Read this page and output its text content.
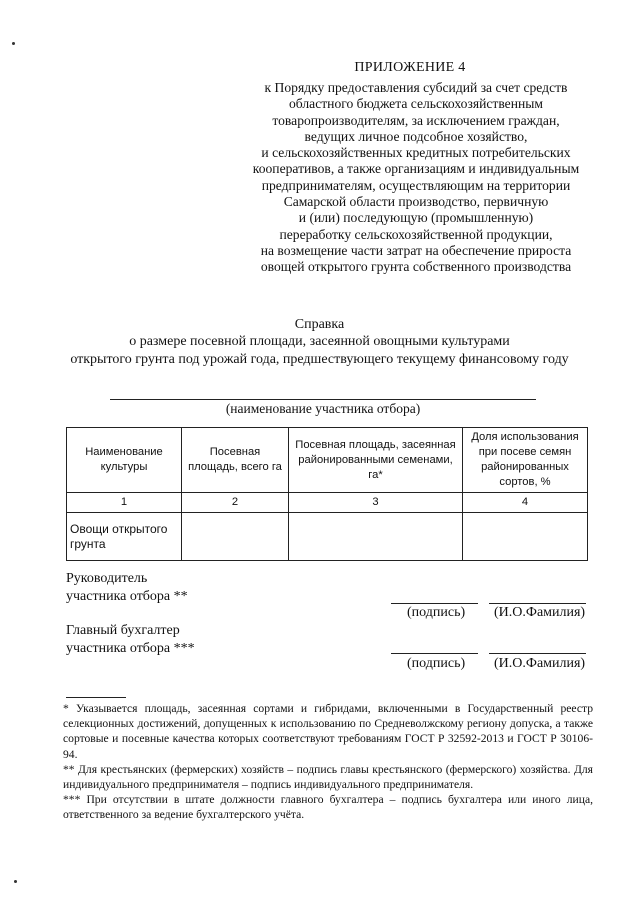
ПРИЛОЖЕНИЕ 4
к Порядку предоставления субсидий за счет средств
областного бюджета сельскохозяйственным
товаропроизводителям, за исключением граждан,
ведущих личное подсобное хозяйство,
и сельскохозяйственных кредитных потребительских
кооперативов, а также организациям и индивидуальным
предпринимателям, осуществляющим на территории
Самарской области производство, первичную
и (или) последующую (промышленную)
переработку сельскохозяйственной продукции,
на возмещение части затрат на обеспечение прироста
овощей открытого грунта собственного производства
Справка
о размере посевной площади, засеянной овощными культурами
открытого грунта под урожай года, предшествующего текущему финансовому году
(наименование участника отбора)
Наименование культуры	Посевная площадь, всего га	Посевная площадь, засеянная районированными семенами, га*	Доля использования при посеве семян районированных сортов, %
1	2	3	4
Овощи открытого грунта			
Руководитель
участника отбора **
(подпись) (И.О.Фамилия)
Главный бухгалтер
участника отбора ***
(подпись) (И.О.Фамилия)

* Указывается площадь, засеянная сортами и гибридами, включенными в Государственный реестр селекционных достижений, допущенных к использованию по Средневолжскому региону допуска, а также сортовые и посевные качества которых соответствуют требованиям ГОСТ Р 32592-2013 и ГОСТ Р 30106-94.

** Для крестьянских (фермерских) хозяйств – подпись главы крестьянского (фермерского) хозяйства. Для индивидуального предпринимателя – подпись индивидуального предпринимателя.

*** При отсутствии в штате должности главного бухгалтера – подпись бухгалтера или иного лица, ответственного за ведение бухгалтерского учёта.
